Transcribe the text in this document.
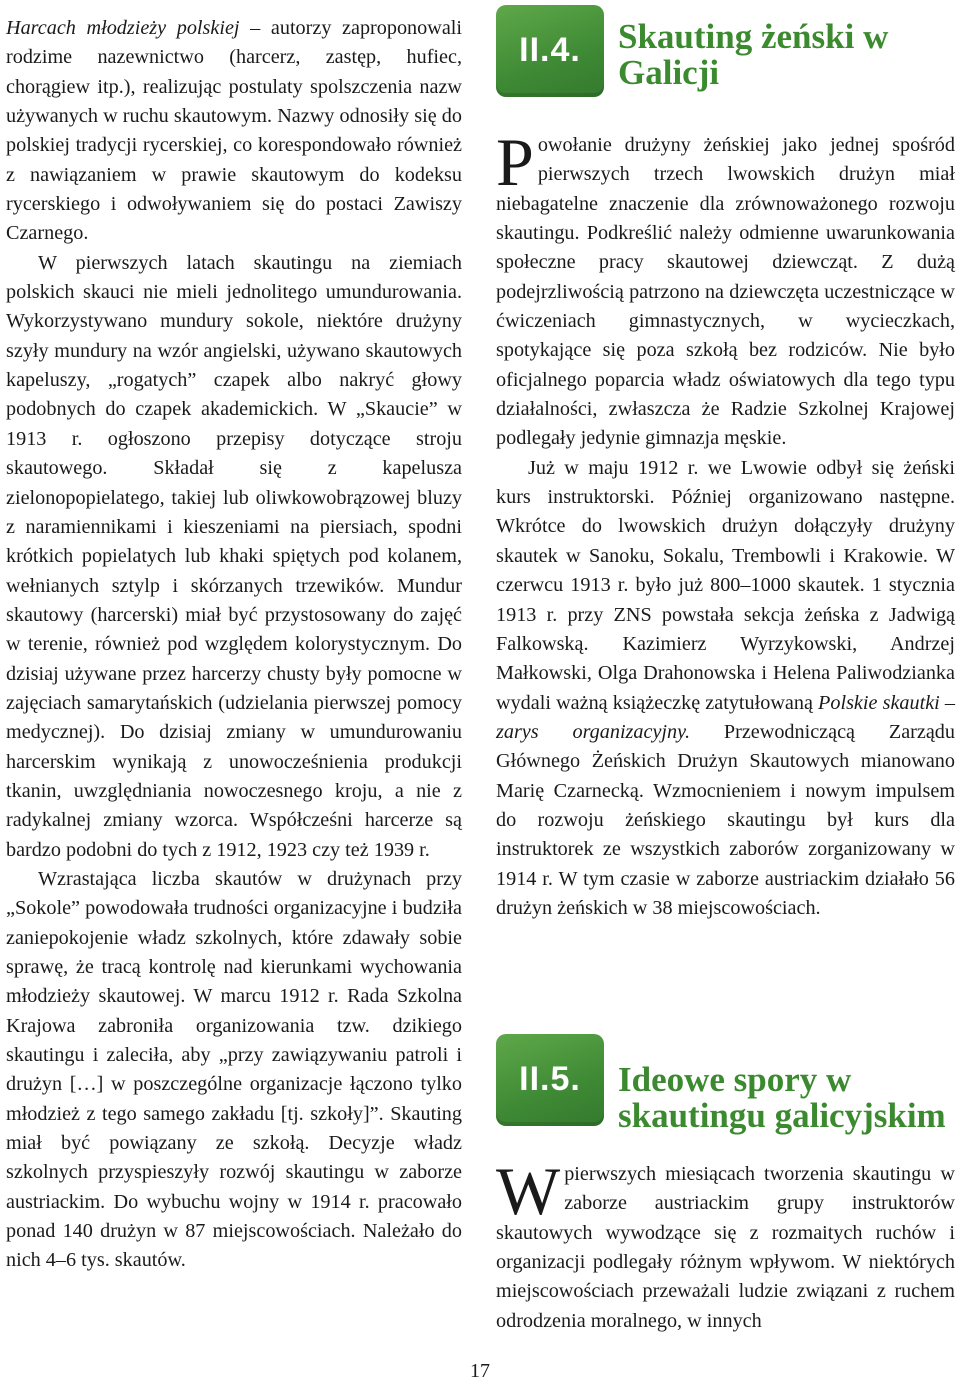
Harcach młodzieży polskiej – autorzy zaproponowali rodzime nazewnictwo (harcerz, zastęp, hufiec, chorągiew itp.), realizując postulaty spolszczenia nazw używanych w ruchu skautowym. Nazwy odnosiły się do polskiej tradycji rycerskiej, co korespondowało również z nawiązaniem w prawie skautowym do kodeksu rycerskiego i odwoływaniem się do postaci Zawiszy Czarnego.

W pierwszych latach skautingu na ziemiach polskich skauci nie mieli jednolitego umundurowania. Wykorzystywano mundury sokole, niektóre drużyny szyły mundury na wzór angielski, używano skautowych kapeluszy, „rogatych” czapek albo nakryć głowy podobnych do czapek akademickich. W „Skaucie” w 1913 r. ogłoszono przepisy dotyczące stroju skautowego. Składał się z kapelusza zielonopopielatego, takiej lub oliwkowobrązowej bluzy z naramiennikami i kieszeniami na piersiach, spodni krótkich popielatych lub khaki spiętych pod kolanem, wełnianych sztylp i skórzanych trzewików. Mundur skautowy (harcerski) miał być przystosowany do zajęć w terenie, również pod względem kolorystycznym. Do dzisiaj używane przez harcerzy chusty były pomocne w zajęciach samarytańskich (udzielania pierwszej pomocy medycznej). Do dzisiaj zmiany w umundurowaniu harcerskim wynikają z unowocześnienia produkcji tkanin, uwzględniania nowoczesnego kroju, a nie z radykalnej zmiany wzorca. Współcześni harcerze są bardzo podobni do tych z 1912, 1923 czy też 1939 r.

Wzrastająca liczba skautów w drużynach przy „Sokole” powodowała trudności organizacyjne i budziła zaniepokojenie władz szkolnych, które zdawały sobie sprawę, że tracą kontrolę nad kierunkami wychowania młodzieży skautowej. W marcu 1912 r. Rada Szkolna Krajowa zabroniła organizowania tzw. dzikiego skautingu i zaleciła, aby „przy zawiązywaniu patroli i drużyn […] w poszczególne organizacje łączono tylko młodzież z tego samego zakładu [tj. szkoły]”. Skauting miał być powiązany ze szkołą. Decyzje władz szkolnych przyspieszyły rozwój skautingu w zaborze austriackim. Do wybuchu wojny w 1914 r. pracowało ponad 140 drużyn w 87 miejscowościach. Należało do nich 4–6 tys. skautów.

II.4.	Skauting żeński w Galicji

Powołanie drużyny żeńskiej jako jednej spośród pierwszych trzech lwowskich drużyn miał niebagatelne znaczenie dla zrównoważonego rozwoju skautingu. Podkreślić należy odmienne uwarunkowania społeczne pracy skautowej dziewcząt. Z dużą podejrzliwością patrzono na dziewczęta uczestniczące w ćwiczeniach gimnastycznych, w wycieczkach, spotykające się poza szkołą bez rodziców. Nie było oficjalnego poparcia władz oświatowych dla tego typu działalności, zwłaszcza że Radzie Szkolnej Krajowej podlegały jedynie gimnazja męskie.

Już w maju 1912 r. we Lwowie odbył się żeński kurs instruktorski. Później organizowano następne. Wkrótce do lwowskich drużyn dołączyły drużyny skautek w Sanoku, Sokalu, Trembowli i Krakowie. W czerwcu 1913 r. było już 800–1000 skautek. 1 stycznia 1913 r. przy ZNS powstała sekcja żeńska z Jadwigą Falkowską. Kazimierz Wyrzykowski, Andrzej Małkowski, Olga Drahonowska i Helena Paliwodzianka wydali ważną książeczkę zatytułowaną Polskie skautki – zarys organizacyjny. Przewodniczącą Zarządu Głównego Żeńskich Drużyn Skautowych mianowano Marię Czarnecką. Wzmocnieniem i nowym impulsem do rozwoju żeńskiego skautingu był kurs dla instruktorek ze wszystkich zaborów zorganizowany w 1914 r. W tym czasie w zaborze austriackim działało 56 drużyn żeńskich w 38 miejscowościach.

II.5.	Ideowe spory w skautingu galicyjskim

Wpierwszych miesiącach tworzenia skautingu w zaborze austriackim grupy instruktorów skautowych wywodzące się z rozmaitych ruchów i organizacji podlegały różnym wpływom. W niektórych miejscowościach przeważali ludzie związani z ruchem odrodzenia moralnego, w innych

17
